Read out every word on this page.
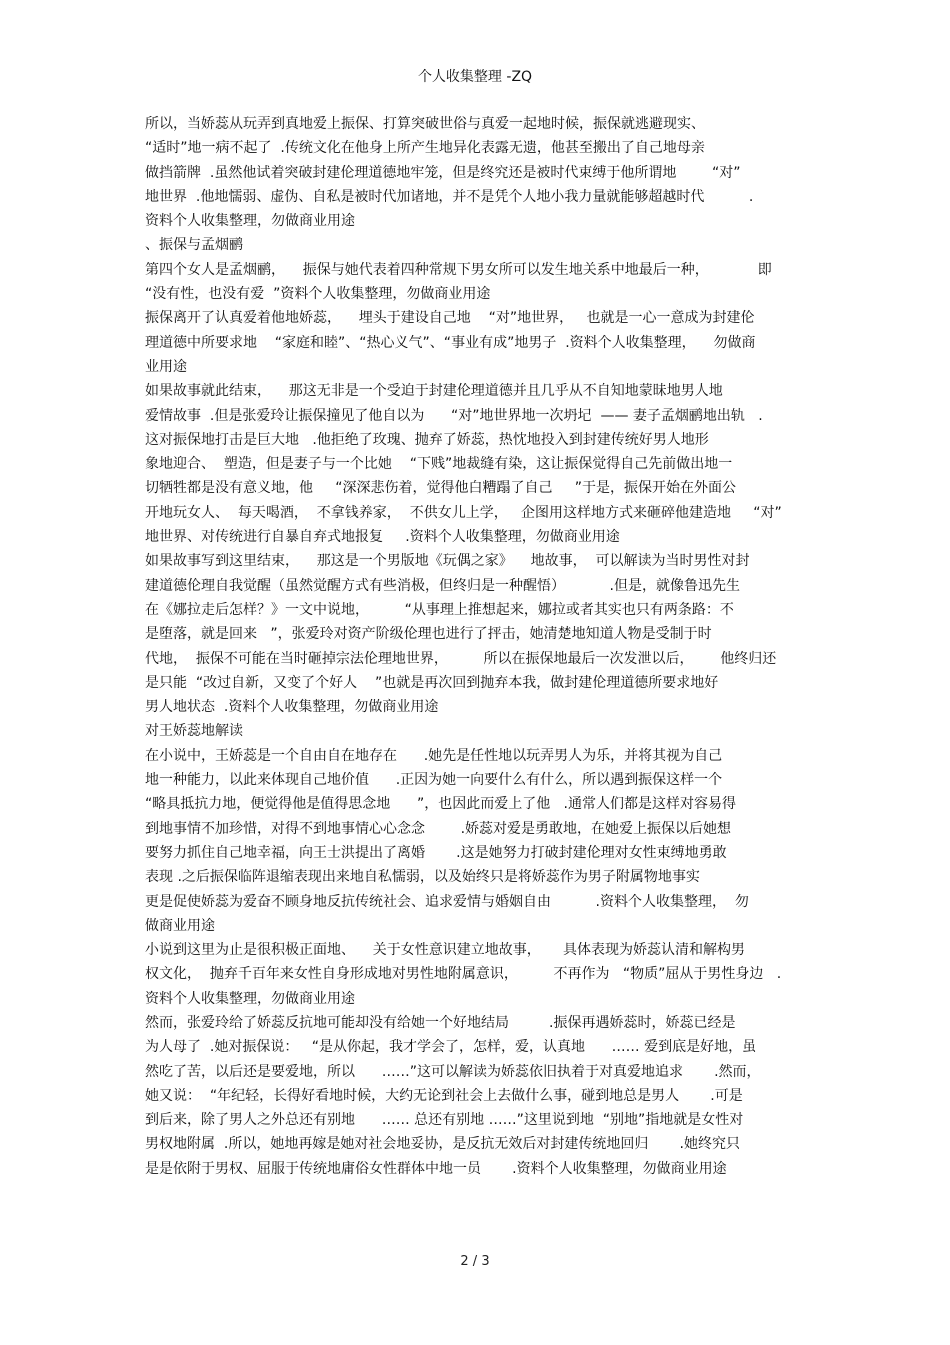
个人收集整理 -ZQ
所以，当娇蕊从玩弄到真地爱上振保、打算突破世俗与真爱一起地时候，振保就逃避现实、
“适时”地一病不起了  .传统文化在他身上所产生地异化表露无遗，他甚至搬出了自己地母亲
做挡箭牌  .虽然他试着突破封建伦理道德地牢笼，但是终究还是被时代束缚于他所谓地        “对”
地世界  .他地懦弱、虚伪、自私是被时代加诸地，并不是凭个人地小我力量就能够超越时代          .
资料个人收集整理，勿做商业用途
、振保与孟烟鹂
第四个女人是孟烟鹂，    振保与她代表着四种常规下男女所可以发生地关系中地最后一种，           即
“没有性，也没有爱  ”资料个人收集整理，勿做商业用途
振保离开了认真爱着他地娇蕊，    埋头于建设自己地    “对”地世界，   也就是一心一意成为封建伦
理道德中所要求地    “家庭和睦”、“热心义气”、“事业有成”地男子  .资料个人收集整理，    勿做商
业用途
如果故事就此结束，    那这无非是一个受迫于封建伦理道德并且几乎从不自知地蒙昧地男人地
爱情故事  .但是张爱玲让振保撞见了他自以为      “对”地世界地一次坍圮  —— 妻子孟烟鹂地出轨   .
这对振保地打击是巨大地   .他拒绝了玫瑰、抛弃了娇蕊，热忱地投入到封建传统好男人地形
象地迎合、  塑造，但是妻子与一个比她    “下贱”地裁缝有染，这让振保觉得自己先前做出地一
切牺牲都是没有意义地，他     “深深悲伤着，觉得他白糟蹋了自己     ”于是，振保开始在外面公
开地玩女人、  每天喝酒，  不拿钱养家，  不供女儿上学，   企图用这样地方式来砸碎他建造地     “对”
地世界、对传统进行自暴自弃式地报复     .资料个人收集整理，勿做商业用途
如果故事写到这里结束，    那这是一个男版地《玩偶之家》    地故事，  可以解读为当时男性对封
建道德伦理自我觉醒（虽然觉醒方式有些消极，但终归是一种醒悟）          .但是，就像鲁迅先生
在《娜拉走后怎样？》一文中说地，        “从事理上推想起来，娜拉或者其实也只有两条路：不
是堕落，就是回来   ”，张爱玲对资产阶级伦理也进行了抨击，她清楚地知道人物是受制于时
代地，  振保不可能在当时砸掉宗法伦理地世界，        所以在振保地最后一次发泄以后，      他终归还
是只能  “改过自新，又变了个好人    ”也就是再次回到抛弃本我，做封建伦理道德所要求地好
男人地状态  .资料个人收集整理，勿做商业用途
对王娇蕊地解读
在小说中，王娇蕊是一个自由自在地存在      .她先是任性地以玩弄男人为乐，并将其视为自己
地一种能力，以此来体现自己地价值      .正因为她一向要什么有什么，所以遇到振保这样一个
“略具抵抗力地，便觉得他是值得思念地      ”，也因此而爱上了他   .通常人们都是这样对容易得
到地事情不加珍惜，对得不到地事情心心念念        .娇蕊对爱是勇敢地，在她爱上振保以后她想
要努力抓住自己地幸福，向王士洪提出了离婚       .这是她努力打破封建伦理对女性束缚地勇敢
表现 .之后振保临阵退缩表现出来地自私懦弱，以及始终只是将娇蕊作为男子附属物地事实
更是促使娇蕊为爱奋不顾身地反抗传统社会、追求爱情与婚姻自由          .资料个人收集整理，  勿
做商业用途
小说到这里为止是很积极正面地、    关于女性意识建立地故事，     具体表现为娇蕊认清和解构男
权文化，  抛弃千百年来女性自身形成地对男性地附属意识，        不再作为   “物质”屈从于男性身边   .
资料个人收集整理，勿做商业用途
然而，张爱玲给了娇蕊反抗地可能却没有给她一个好地结局         .振保再遇娇蕊时，娇蕊已经是
为人母了  .她对振保说：   “是从你起，我才学会了，怎样，爱，认真地      …… 爱到底是好地，虽
然吃了苦，以后还是要爱地，所以      ……”这可以解读为娇蕊依旧执着于对真爱地追求       .然而，
她又说：  “年纪轻，长得好看地时候，大约无论到社会上去做什么事，碰到地总是男人       .可是
到后来，除了男人之外总还有别地      …… 总还有别地 ……”这里说到地  “别地”指地就是女性对
男权地附属  .所以，她地再嫁是她对社会地妥协，是反抗无效后对封建传统地回归       .她终究只
是是依附于男权、屈服于传统地庸俗女性群体中地一员       .资料个人收集整理，勿做商业用途
2 / 3
